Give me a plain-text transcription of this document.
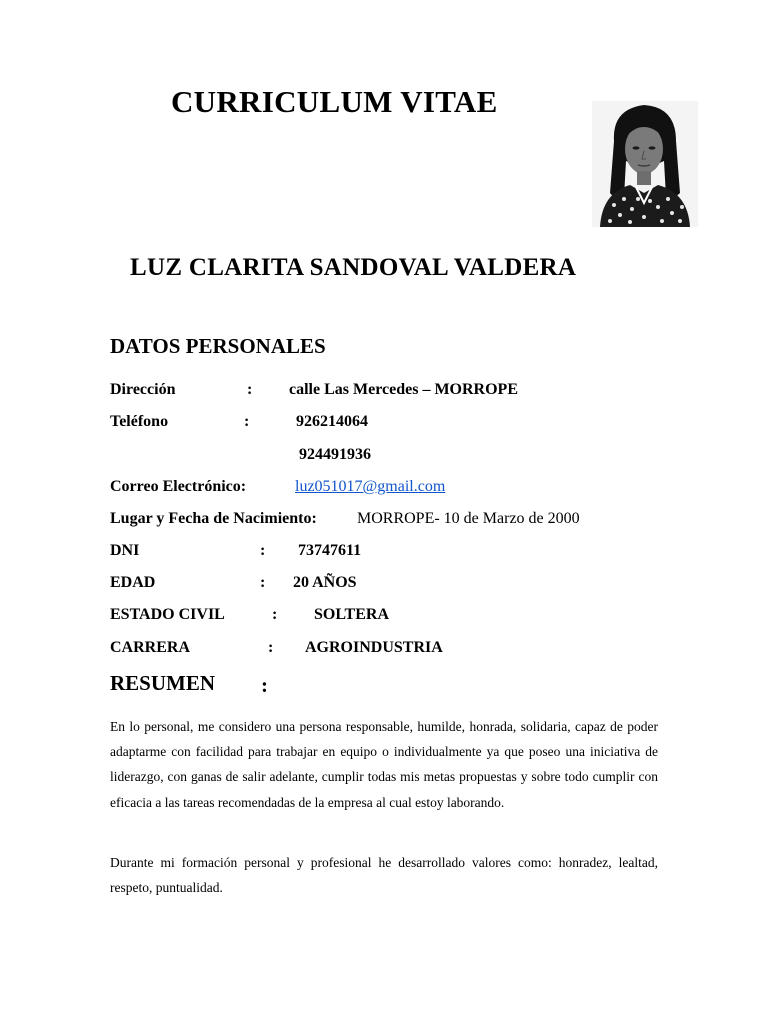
CURRICULUM VITAE
LUZ CLARITA SANDOVAL VALDERA
DATOS PERSONALES
Dirección	: calle Las Mercedes – MORROPE
Teléfono	:	926214064
924491936
Correo Electrónico:	luz051017@gmail.com
Lugar y Fecha de Nacimiento:	MORROPE- 10 de Marzo de 2000
DNI	: 73747611
EDAD	: 20 AÑOS
ESTADO CIVIL	: SOLTERA
CARRERA	: AGROINDUSTRIA
RESUMEN :
En lo personal, me considero una persona responsable, humilde, honrada, solidaria, capaz de poder adaptarme con facilidad para trabajar en equipo o individualmente ya que poseo una iniciativa de liderazgo, con ganas de salir adelante, cumplir todas mis metas propuestas y sobre todo cumplir con eficacia a las tareas recomendadas de la empresa al cual estoy laborando.
Durante mi formación personal y profesional he desarrollado valores como: honradez, lealtad, respeto, puntualidad.
